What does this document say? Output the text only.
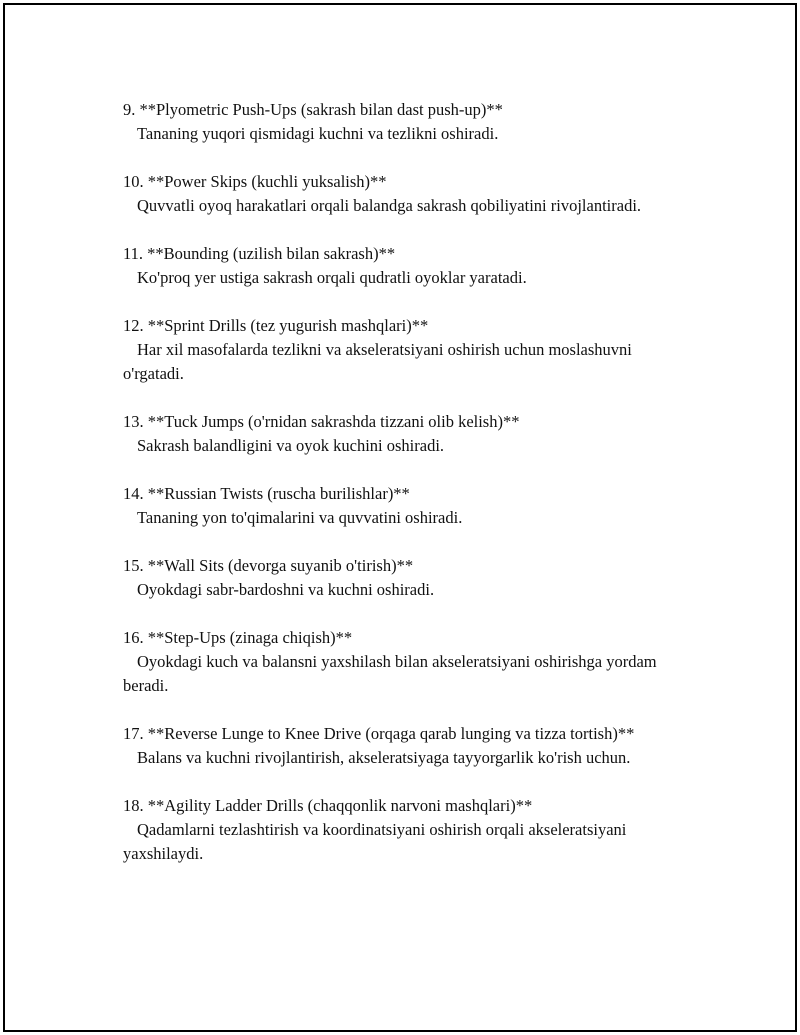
9. **Plyometric Push-Ups (sakrash bilan dast push-up)**

Tananing yuqori qismidagi kuchni va tezlikni oshiradi.

10. **Power Skips (kuchli yuksalish)**

Quvvatli oyoq harakatlari orqali balandga sakrash qobiliyatini rivojlantiradi.

11. **Bounding (uzilish bilan sakrash)**

Ko'proq yer ustiga sakrash orqali qudratli oyoklar yaratadi.

12. **Sprint Drills (tez yugurish mashqlari)**

Har xil masofalarda tezlikni va akseleratsiyani oshirish uchun moslashuvni o'rgatadi.

13. **Tuck Jumps (o'rnidan sakrashda tizzani olib kelish)**

Sakrash balandligini va oyok kuchini oshiradi.

14. **Russian Twists (ruscha burilishlar)**

Tananing yon to'qimalarini va quvvatini oshiradi.

15. **Wall Sits (devorga suyanib o'tirish)**

Oyokdagi sabr-bardoshni va kuchni oshiradi.

16. **Step-Ups (zinaga chiqish)**

Oyokdagi kuch va balansni yaxshilash bilan akseleratsiyani oshirishga yordam beradi.

17. **Reverse Lunge to Knee Drive (orqaga qarab lunging va tizza tortish)**

Balans va kuchni rivojlantirish, akseleratsiyaga tayyorgarlik ko'rish uchun.

18. **Agility Ladder Drills (chaqqonlik narvoni mashqlari)**

Qadamlarni tezlashtirish va koordinatsiyani oshirish orqali akseleratsiyani yaxshilaydi.
